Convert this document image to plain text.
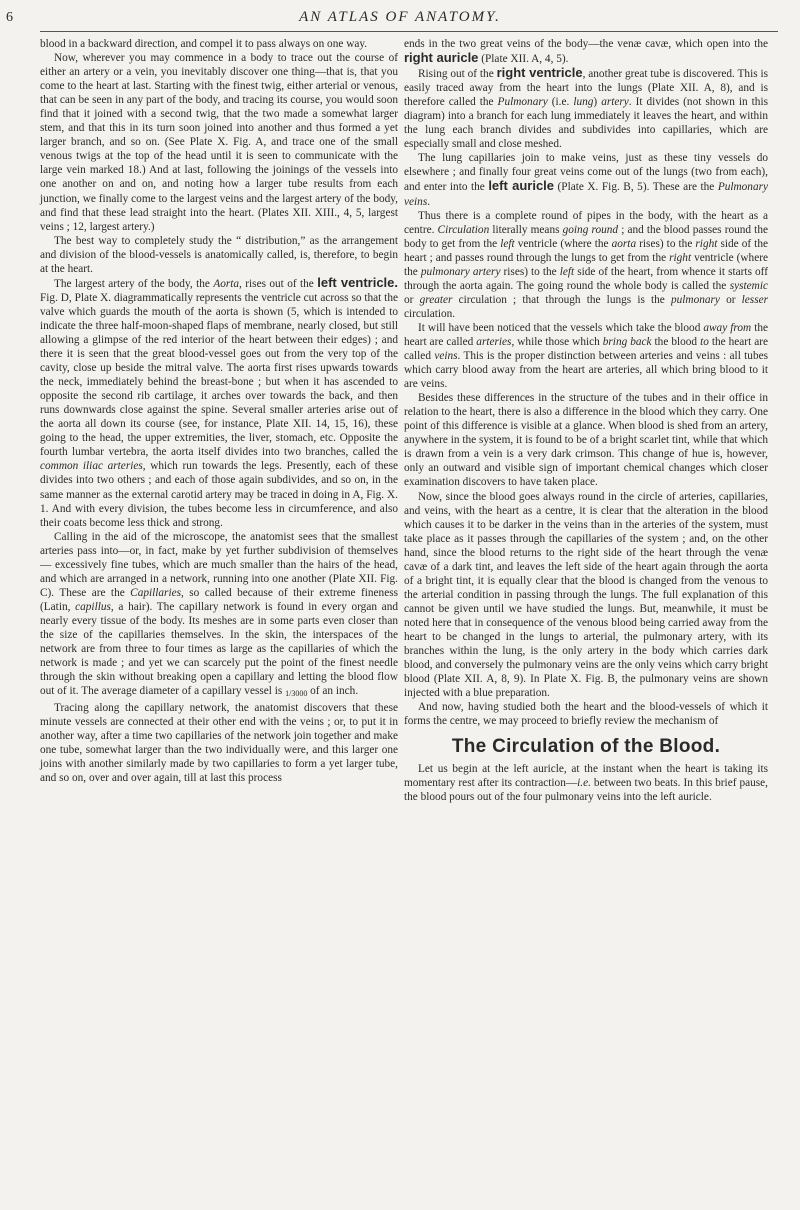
6	AN ATLAS OF ANATOMY.

blood in a backward direction, and compel it to pass always on one way.

Now, wherever you may commence in a body to trace out the course of either an artery or a vein, you inevitably discover one thing—that is, that you come to the heart at last. Starting with the finest twig, either arterial or venous, that can be seen in any part of the body, and tracing its course, you would soon find that it joined with a second twig, that the two made a somewhat larger stem, and that this in its turn soon joined into another and thus formed a yet larger branch, and so on. (See Plate X. Fig. A, and trace one of the small venous twigs at the top of the head until it is seen to communicate with the large vein marked 18.) And at last, following the joinings of the vessels into one another on and on, and noting how a larger tube results from each junction, we finally come to the largest veins and the largest artery of the body, and find that these lead straight into the heart. (Plates XII. XIII., 4, 5, largest veins ; 12, largest artery.)

The best way to completely study the “ distribution,” as the arrangement and division of the blood-vessels is anatomically called, is, therefore, to begin at the heart.

The largest artery of the body, the Aorta, rises out of the left ventricle. Fig. D, Plate X. diagrammatically represents the ventricle cut across so that the valve which guards the mouth of the aorta is shown (5, which is intended to indicate the three half-moon-shaped flaps of membrane, nearly closed, but still allowing a glimpse of the red interior of the heart between their edges) ; and there it is seen that the great blood-vessel goes out from the very top of the cavity, close up beside the mitral valve. The aorta first rises upwards towards the neck, immediately behind the breast-bone ; but when it has ascended to opposite the second rib cartilage, it arches over towards the back, and then runs downwards close against the spine. Several smaller arteries arise out of the aorta all down its course (see, for instance, Plate XII. 14, 15, 16), these going to the head, the upper extremities, the liver, stomach, etc. Opposite the fourth lumbar vertebra, the aorta itself divides into two branches, called the common iliac arteries, which run towards the legs. Presently, each of these divides into two others ; and each of those again subdivides, and so on, in the same manner as the external carotid artery may be traced in doing in A, Fig. X. 1. And with every division, the tubes become less in circumference, and also their coats become less thick and strong.

Calling in the aid of the microscope, the anatomist sees that the smallest arteries pass into—or, in fact, make by yet further subdivision of themselves — excessively fine tubes, which are much smaller than the hairs of the head, and which are arranged in a network, running into one another (Plate XII. Fig. C). These are the Capillaries, so called because of their extreme fineness (Latin, capillus, a hair). The capillary network is found in every organ and nearly every tissue of the body. Its meshes are in some parts even closer than the size of the capillaries themselves. In the skin, the interspaces of the network are from three to four times as large as the capillaries of which the network is made ; and yet we can scarcely put the point of the finest needle through the skin without breaking open a capillary and letting the blood flow out of it. The average diameter of a capillary vessel is 1/3000 of an inch.

Tracing along the capillary network, the anatomist discovers that these minute vessels are connected at their other end with the veins ; or, to put it in another way, after a time two capillaries of the network join together and make one tube, somewhat larger than the two individually were, and this larger one joins with another similarly made by two capillaries to form a yet larger tube, and so on, over and over again, till at last this process

ends in the two great veins of the body—the venæ cavæ, which open into the right auricle (Plate XII. A, 4, 5).

Rising out of the right ventricle, another great tube is discovered. This is easily traced away from the heart into the lungs (Plate XII. A, 8), and is therefore called the Pulmonary (i.e. lung) artery. It divides (not shown in this diagram) into a branch for each lung immediately it leaves the heart, and within the lung each branch divides and subdivides into capillaries, which are especially small and close meshed.

The lung capillaries join to make veins, just as these tiny vessels do elsewhere ; and finally four great veins come out of the lungs (two from each), and enter into the left auricle (Plate X. Fig. B, 5). These are the Pulmonary veins.

Thus there is a complete round of pipes in the body, with the heart as a centre. Circulation literally means going round ; and the blood passes round the body to get from the left ventricle (where the aorta rises) to the right side of the heart ; and passes round through the lungs to get from the right ventricle (where the pulmonary artery rises) to the left side of the heart, from whence it starts off through the aorta again. The going round the whole body is called the systemic or greater circulation ; that through the lungs is the pulmonary or lesser circulation.

It will have been noticed that the vessels which take the blood away from the heart are called arteries, while those which bring back the blood to the heart are called veins. This is the proper distinction between arteries and veins : all tubes which carry blood away from the heart are arteries, all which bring blood to it are veins.

Besides these differences in the structure of the tubes and in their office in relation to the heart, there is also a difference in the blood which they carry. One point of this difference is visible at a glance. When blood is shed from an artery, anywhere in the system, it is found to be of a bright scarlet tint, while that which is drawn from a vein is a very dark crimson. This change of hue is, however, only an outward and visible sign of important chemical changes which closer examination discovers to have taken place.

Now, since the blood goes always round in the circle of arteries, capillaries, and veins, with the heart as a centre, it is clear that the alteration in the blood which causes it to be darker in the veins than in the arteries of the system, must take place as it passes through the capillaries of the system ; and, on the other hand, since the blood returns to the right side of the heart through the venæ cavæ of a dark tint, and leaves the left side of the heart again through the aorta of a bright tint, it is equally clear that the blood is changed from the venous to the arterial condition in passing through the lungs. The full explanation of this cannot be given until we have studied the lungs. But, meanwhile, it must be noted here that in consequence of the venous blood being carried away from the heart to be changed in the lungs to arterial, the pulmonary artery, with its branches within the lung, is the only artery in the body which carries dark blood, and conversely the pulmonary veins are the only veins which carry bright blood (Plate XII. A, 8, 9). In Plate X. Fig. B, the pulmonary veins are shown injected with a blue preparation.

And now, having studied both the heart and the blood-vessels of which it forms the centre, we may proceed to briefly review the mechanism of

The Circulation of the Blood.

Let us begin at the left auricle, at the instant when the heart is taking its momentary rest after its contraction—i.e. between two beats. In this brief pause, the blood pours out of the four pulmonary veins into the left auricle.
